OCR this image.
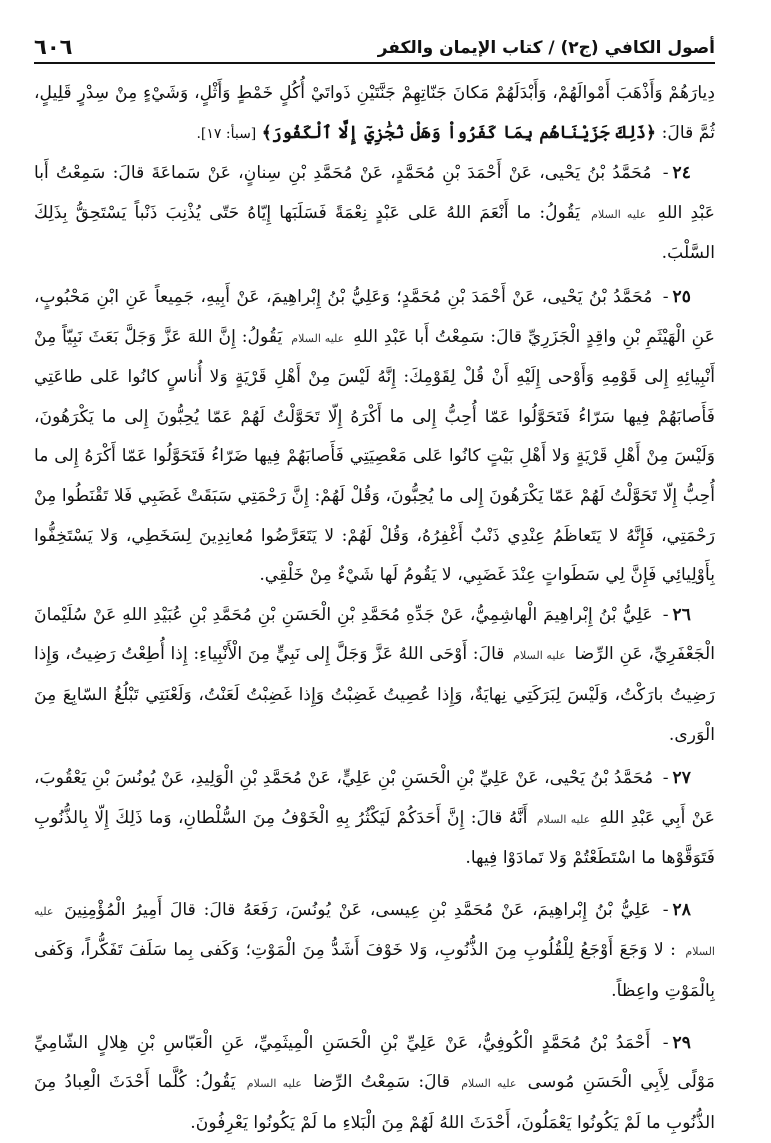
٦٠٦	أصول الكافي (ج٢) / كتاب الإيمان والكفر

دِيارَهُمْ وَأَذْهَبَ أَمْوالَهُمْ، وَأَبْدَلَهُمْ مَكانَ جَنّاتِهِمْ جَنَّتَيْنِ ذَواتَيْ أُكُلٍ خَمْطٍ وَأَثْلٍ، وَشَيْءٍ مِنْ سِدْرٍ قَلِيلٍ، ثُمَّ قالَ: ﴿ذَلِكَ جَزَيْنَاهُم بِمَا كَفَرُواْ وَهَلْ نُجَٰزِيٓ إِلَّا ٱلْكَفُورَ﴾ [سبأ: ١٧].

٢٤- مُحَمَّدُ بْنُ يَحْيى، عَنْ أَحْمَدَ بْنِ مُحَمَّدٍ، عَنْ مُحَمَّدِ بْنِ سِنانٍ، عَنْ سَماعَةَ قالَ: سَمِعْتُ أَبا عَبْدِ اللهِ عليه السلام يَقُولُ: ما أَنْعَمَ اللهُ عَلى عَبْدٍ نِعْمَةً فَسَلَبَها إِيّاهُ حَتّى يُذْنِبَ ذَنْباً يَسْتَحِقُّ بِذَلِكَ السَّلْبَ.

٢٥- مُحَمَّدُ بْنُ يَحْيى، عَنْ أَحْمَدَ بْنِ مُحَمَّدٍ؛ وَعَلِيُّ بْنُ إِبْراهِيمَ، عَنْ أَبِيهِ، جَمِيعاً عَنِ ابْنِ مَحْبُوبٍ، عَنِ الْهَيْثَمِ بْنِ واقِدٍ الْجَزَرِيِّ قالَ: سَمِعْتُ أَبا عَبْدِ اللهِ عليه السلام يَقُولُ: إِنَّ اللهَ عَزَّ وَجَلَّ بَعَثَ نَبِيّاً مِنْ أَنْبِيائِهِ إِلى قَوْمِهِ وَأَوْحى إِلَيْهِ أَنْ قُلْ لِقَوْمِكَ: إِنَّهُ لَيْسَ مِنْ أَهْلِ قَرْيَةٍ وَلا أُناسٍ كانُوا عَلى طاعَتِي فَأَصابَهُمْ فِيها سَرّاءُ فَتَحَوَّلُوا عَمّا أُحِبُّ إِلى ما أَكْرَهُ إِلّا تَحَوَّلْتُ لَهُمْ عَمّا يُحِبُّونَ إِلى ما يَكْرَهُونَ، وَلَيْسَ مِنْ أَهْلِ قَرْيَةٍ وَلا أَهْلِ بَيْتٍ كانُوا عَلى مَعْصِيَتِي فَأَصابَهُمْ فِيها ضَرّاءُ فَتَحَوَّلُوا عَمّا أَكْرَهُ إِلى ما أُحِبُّ إِلّا تَحَوَّلْتُ لَهُمْ عَمّا يَكْرَهُونَ إِلى ما يُحِبُّونَ، وَقُلْ لَهُمْ: إِنَّ رَحْمَتِي سَبَقَتْ غَضَبِي فَلا تَقْنَطُوا مِنْ رَحْمَتِي، فَإِنَّهُ لا يَتَعاظَمُ عِنْدِي ذَنْبٌ أَغْفِرُهُ، وَقُلْ لَهُمْ: لا يَتَعَرَّضُوا مُعانِدِينَ لِسَخَطِي، وَلا يَسْتَخِفُّوا بِأَوْلِيائِي فَإِنَّ لِي سَطَواتٍ عِنْدَ غَضَبِي، لا يَقُومُ لَها شَيْءٌ مِنْ خَلْقِي.

٢٦- عَلِيُّ بْنُ إِبْراهِيمَ الْهاشِمِيُّ، عَنْ جَدِّهِ مُحَمَّدِ بْنِ الْحَسَنِ بْنِ مُحَمَّدِ بْنِ عُبَيْدِ اللهِ عَنْ سُلَيْمانَ الْجَعْفَرِيِّ، عَنِ الرِّضا عليه السلام قالَ: أَوْحَى اللهُ عَزَّ وَجَلَّ إِلى نَبِيٍّ مِنَ الْأَنْبِياءِ: إِذا أُطِعْتُ رَضِيتُ، وَإِذا رَضِيتُ بارَكْتُ، وَلَيْسَ لِبَرَكَتِي نِهايَةٌ، وَإِذا عُصِيتُ غَضِبْتُ وَإِذا غَضِبْتُ لَعَنْتُ، وَلَعْنَتِي تَبْلُغُ السّابِعَ مِنَ الْوَرى.

٢٧- مُحَمَّدُ بْنُ يَحْيى، عَنْ عَلِيِّ بْنِ الْحَسَنِ بْنِ عَلِيٍّ، عَنْ مُحَمَّدِ بْنِ الْوَلِيدِ، عَنْ يُونُسَ بْنِ يَعْقُوبَ، عَنْ أَبِي عَبْدِ اللهِ عليه السلام أَنَّهُ قالَ: إِنَّ أَحَدَكُمْ لَيَكْثُرُ بِهِ الْخَوْفُ مِنَ السُّلْطانِ، وَما ذَلِكَ إِلّا بِالذُّنُوبِ فَتَوَقَّوْها ما اسْتَطَعْتُمْ وَلا تَمادَوْا فِيها.

٢٨- عَلِيُّ بْنُ إِبْراهِيمَ، عَنْ مُحَمَّدِ بْنِ عِيسى، عَنْ يُونُسَ، رَفَعَهُ قالَ: قالَ أَمِيرُ الْمُؤْمِنِينَ عليه السلام : لا وَجَعَ أَوْجَعُ لِلْقُلُوبِ مِنَ الذُّنُوبِ، وَلا خَوْفَ أَشَدُّ مِنَ الْمَوْتِ؛ وَكَفى بِما سَلَفَ تَفَكُّراً، وَكَفى بِالْمَوْتِ واعِظاً.

٢٩- أَحْمَدُ بْنُ مُحَمَّدٍ الْكُوفِيُّ، عَنْ عَلِيِّ بْنِ الْحَسَنِ الْمِيثَمِيِّ، عَنِ الْعَبّاسِ بْنِ هِلالٍ الشّامِيِّ مَوْلًى لِأَبِي الْحَسَنِ مُوسى عليه السلام قالَ: سَمِعْتُ الرِّضا عليه السلام يَقُولُ: كُلَّما أَحْدَثَ الْعِبادُ مِنَ الذُّنُوبِ ما لَمْ يَكُونُوا يَعْمَلُونَ، أَحْدَثَ اللهُ لَهُمْ مِنَ الْبَلاءِ ما لَمْ يَكُونُوا يَعْرِفُونَ.
